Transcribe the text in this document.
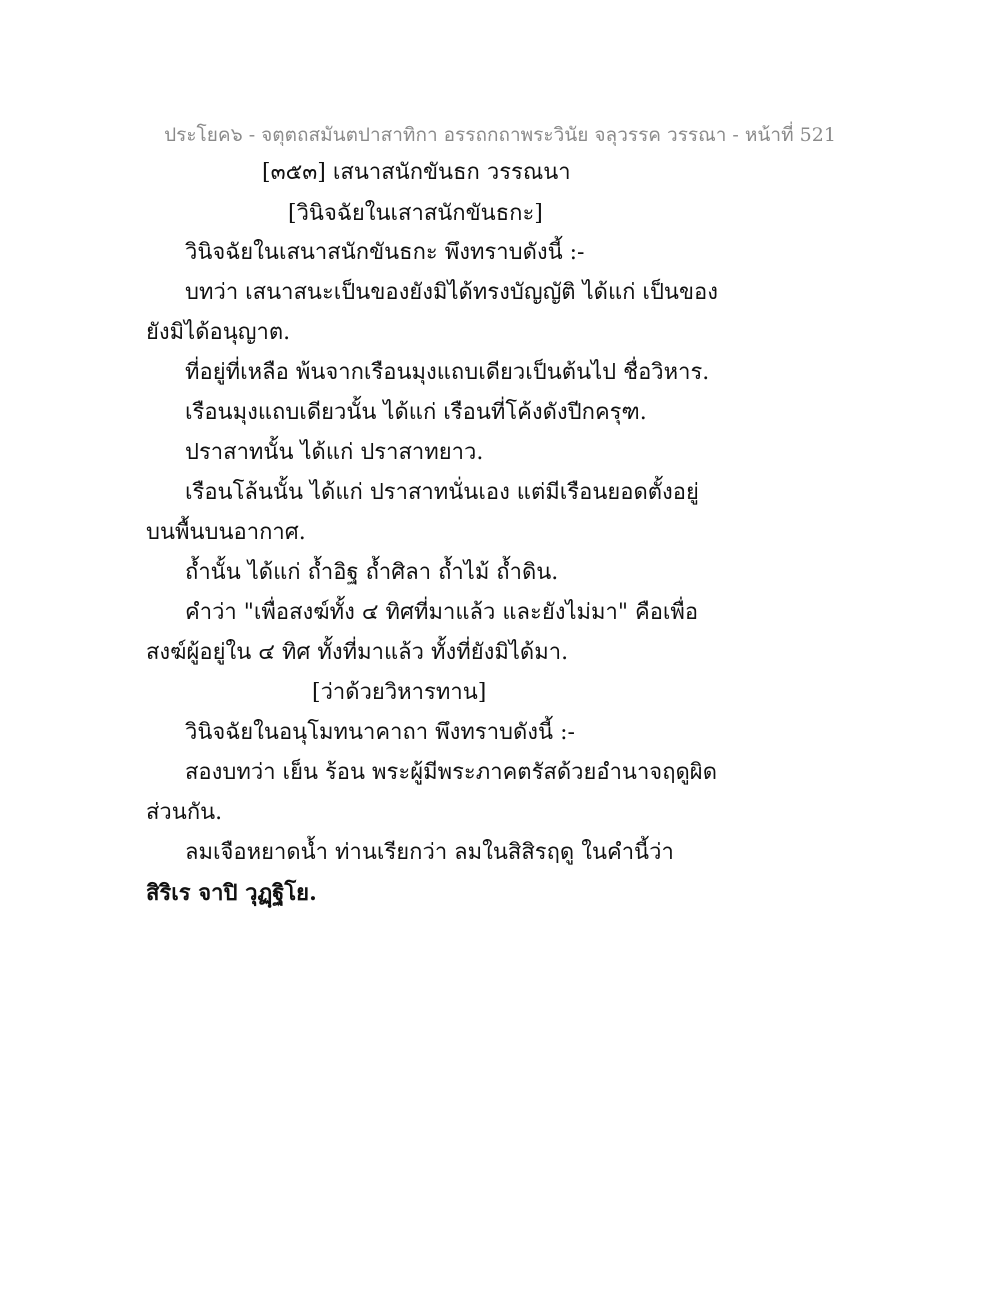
ประโยค๖ - จตุตถสมันตปาสาทิกา อรรถกถาพระวินัย จลุวรรค วรรณา - หน้าที่ 521
[๓๕๓] เสนาสนักขันธก วรรณนา
[วินิจฉัยในเสาสนักขันธกะ]
วินิจฉัยในเสนาสนักขันธกะ พึงทราบดังนี้ :-
บทว่า เสนาสนะเป็นของยังมิได้ทรงบัญญัติ ได้แก่ เป็นของ
ยังมิได้อนุญาต.
ที่อยู่ที่เหลือ พ้นจากเรือนมุงแถบเดียวเป็นต้นไป ชื่อวิหาร.
เรือนมุงแถบเดียวนั้น ได้แก่ เรือนที่โค้งดังปีกครุฑ.
ปราสาทนั้น ได้แก่ ปราสาทยาว.
เรือนโล้นนั้น ได้แก่ ปราสาทนั่นเอง แต่มีเรือนยอดตั้งอยู่
บนพื้นบนอากาศ.
ถ้ำนั้น ได้แก่ ถ้ำอิฐ ถ้ำศิลา ถ้ำไม้ ถ้ำดิน.
คำว่า "เพื่อสงฆ์ทั้ง ๔ ทิศที่มาแล้ว และยังไม่มา" คือเพื่อ
สงฆ์ผู้อยู่ใน ๔ ทิศ ทั้งที่มาแล้ว ทั้งที่ยังมิได้มา.
[ว่าด้วยวิหารทาน]
วินิจฉัยในอนุโมทนาคาถา พึงทราบดังนี้ :-
สองบทว่า เย็น ร้อน พระผู้มีพระภาคตรัสด้วยอำนาจฤดูผิด
ส่วนกัน.
ลมเจือหยาดน้ำ ท่านเรียกว่า ลมในสิสิรฤดู ในคำนี้ว่า
สิริเร จาปิ วุฏฺฐิโย.
